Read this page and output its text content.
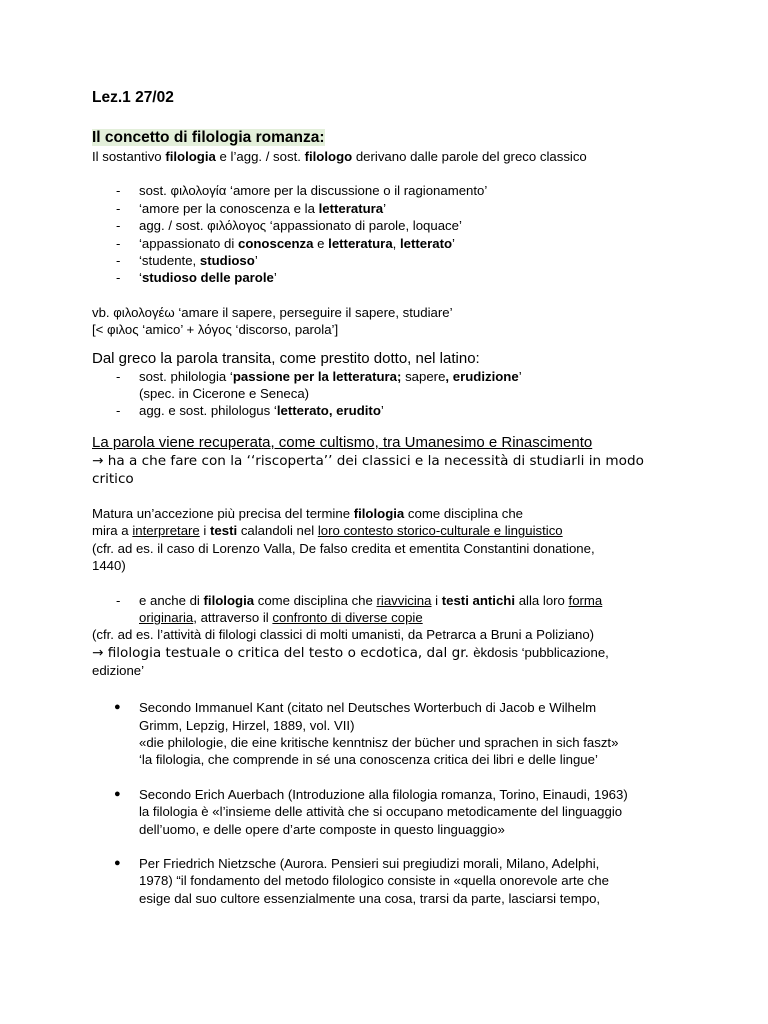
Lez.1 27/02
Il concetto di filologia romanza:
Il sostantivo filologia e l’agg. / sost. filologo derivano dalle parole del greco classico
- sost. φιλολογία ‘amore per la discussione o il ragionamento’
- ‘amore per la conoscenza e la letteratura’
- agg. / sost. φιλόλογος ‘appassionato di parole, loquace’
- ‘appassionato di conoscenza e letteratura, letterato’
- ‘studente, studioso’
- ‘studioso delle parole’
vb. φιλολογέω ‘amare il sapere, perseguire il sapere, studiare’
[< φιλος ‘amico’ + λόγος ‘discorso, parola’]
Dal greco la parola transita, come prestito dotto, nel latino:
- sost. philologia ‘passione per la letteratura; sapere, erudizione’
(spec. in Cicerone e Seneca)
- agg. e sost. philologus ‘letterato, erudito’
La parola viene recuperata, come cultismo, tra Umanesimo e Rinascimento
→ ha a che fare con la ‘‘riscoperta’’ dei classici e la necessità di studiarli in modo
critico
Matura un’accezione più precisa del termine filologia come disciplina che
mira a interpretare i testi calandoli nel loro contesto storico-culturale e linguistico
(cfr. ad es. il caso di Lorenzo Valla, De falso credita et ementita Constantini donatione,
1440)
- e anche di filologia come disciplina che riavvicina i testi antichi alla loro forma
originaria, attraverso il confronto di diverse copie
(cfr. ad es. l’attività di filologi classici di molti umanisti, da Petrarca a Bruni a Poliziano)
→ filologia testuale o critica del testo o ecdotica, dal gr. èkdosis ‘pubblicazione,
edizione’
● Secondo Immanuel Kant (citato nel Deutsches Worterbuch di Jacob e Wilhelm
Grimm, Lepzig, Hirzel, 1889, vol. VII)
«die philologie, die eine kritische kenntnisz der bücher und sprachen in sich faszt»
‘la filologia, che comprende in sé una conoscenza critica dei libri e delle lingue’
● Secondo Erich Auerbach (Introduzione alla filologia romanza, Torino, Einaudi, 1963)
la filologia è «l’insieme delle attività che si occupano metodicamente del linguaggio
dell’uomo, e delle opere d’arte composte in questo linguaggio»
● Per Friedrich Nietzsche (Aurora. Pensieri sui pregiudizi morali, Milano, Adelphi,
1978) “il fondamento del metodo filologico consiste in «quella onorevole arte che
esige dal suo cultore essenzialmente una cosa, trarsi da parte, lasciarsi tempo,
